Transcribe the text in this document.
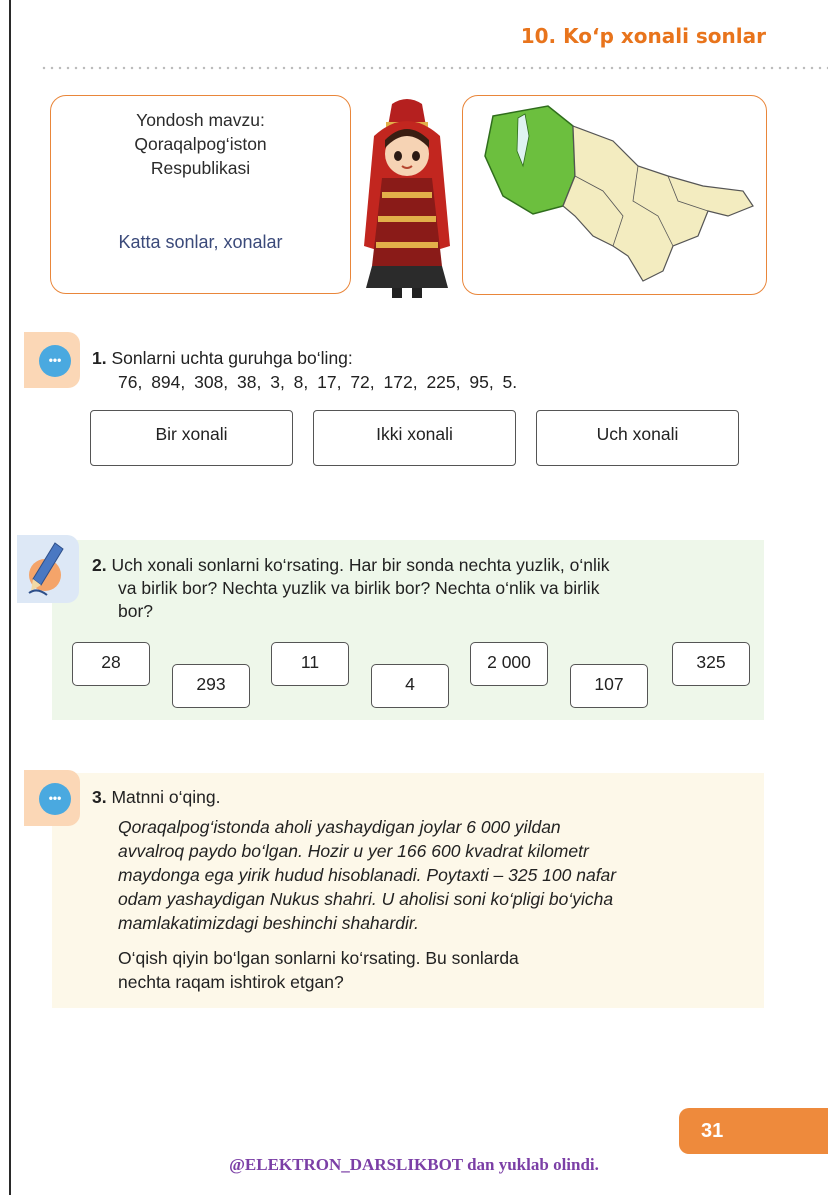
10. Ko‘p xonali sonlar
Yondosh mavzu:
Qoraqalpog‘iston
Respublikasi
Katta sonlar, xonalar
•••	1. Sonlarni uchta guruhga bo‘ling:
76, 894, 308, 38, 3, 8, 17, 72, 172, 225, 95, 5.
Bir xonali	Ikki xonali	Uch xonali
2. Uch xonali sonlarni ko‘rsating. Har bir sonda nechta yuzlik, o‘nlik
va birlik bor? Nechta yuzlik va birlik bor? Nechta o‘nlik va birlik
bor?
28
293
11
4
2 000
107
325
•••	3. Matnni o‘qing.
Qoraqalpog‘istonda aholi yashaydigan joylar 6 000 yildan
avvalroq paydo bo‘lgan. Hozir u yer 166 600 kvadrat kilometr
maydonga ega yirik hudud hisoblanadi. Poytaxti – 325 100 nafar
odam yashaydigan Nukus shahri. U aholisi soni ko‘pligi bo‘yicha
mamlakatimizdagi beshinchi shahardir.
O‘qish qiyin bo‘lgan sonlarni ko‘rsating. Bu sonlarda
nechta raqam ishtirok etgan?
31
@ELEKTRON_DARSLIKBOT dan yuklab olindi.
